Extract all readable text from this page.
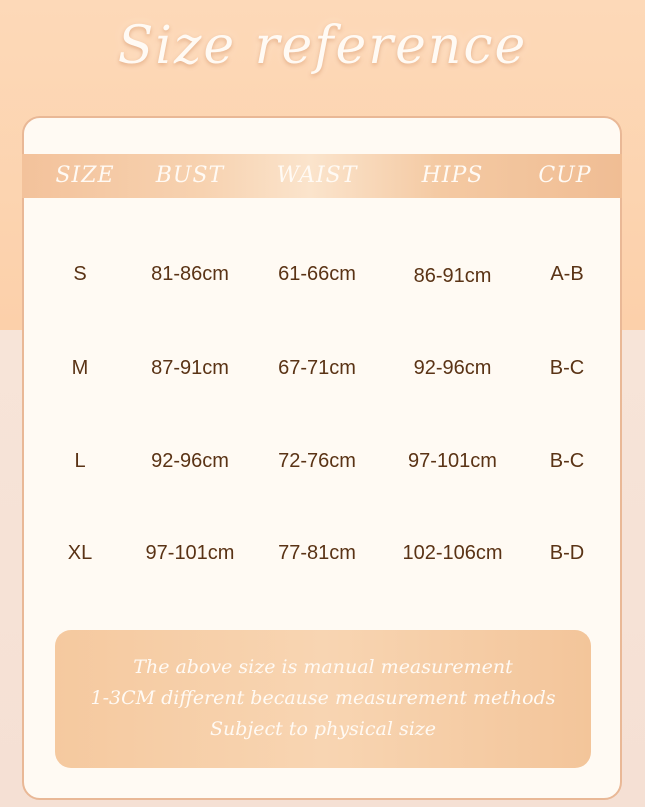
Size reference
SIZE	BUST	WAIST	HIPS	CUP
S	81-86cm	61-66cm	86-91cm	A-B
M	87-91cm	67-71cm	92-96cm	B-C
L	92-96cm	72-76cm	97-101cm	B-C
XL	97-101cm	77-81cm	102-106cm	B-D
The above size is manual measurement
1-3CM different because measurement methods
Subject to physical size
